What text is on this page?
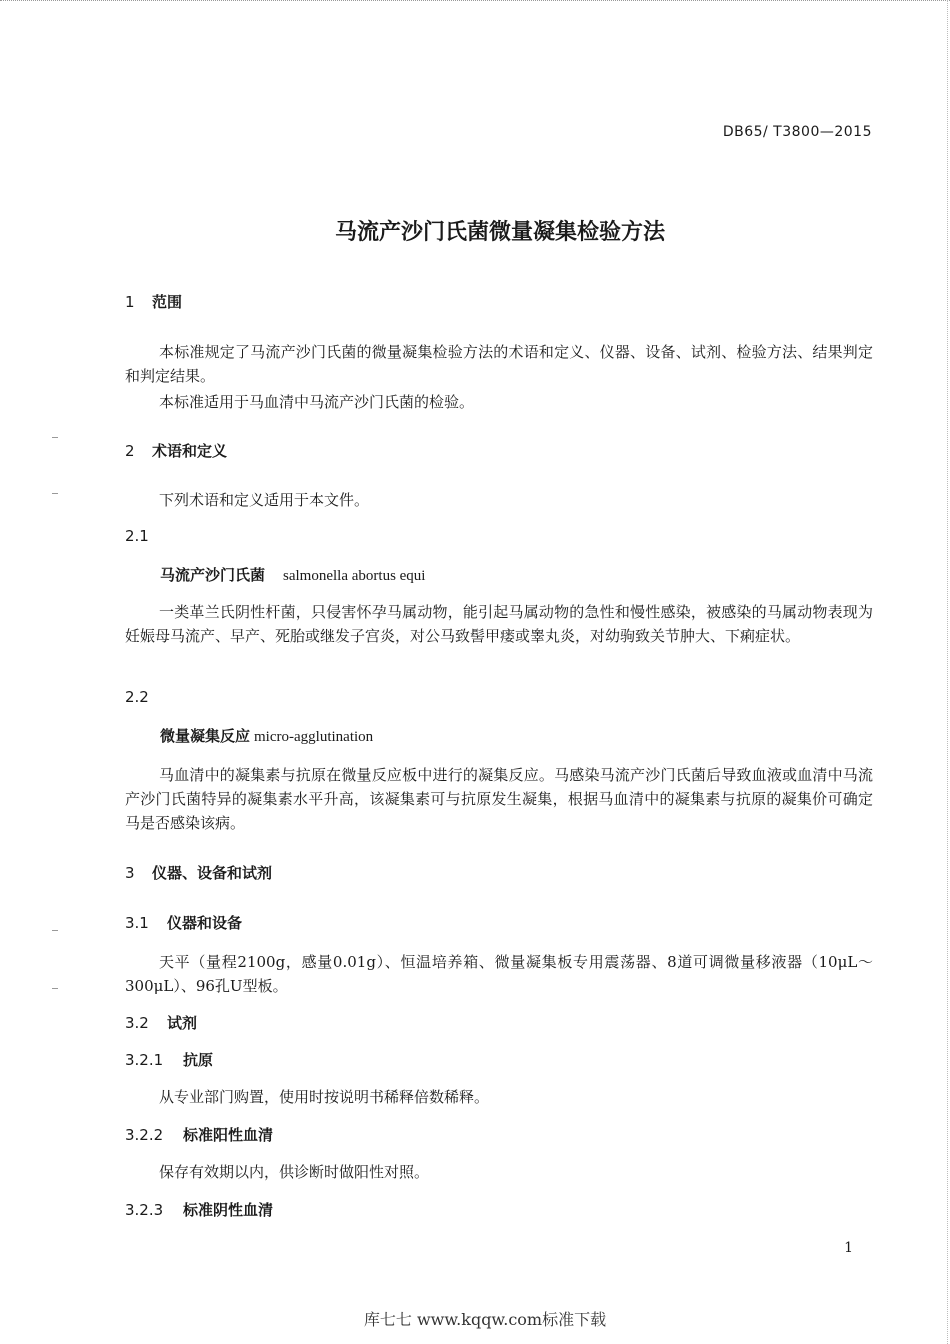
DB65/ T3800—2015
马流产沙门氏菌微量凝集检验方法
1 范围
本标准规定了马流产沙门氏菌的微量凝集检验方法的术语和定义、仪器、设备、试剂、检验方法、结果判定和判定结果。
本标准适用于马血清中马流产沙门氏菌的检验。
2 术语和定义
下列术语和定义适用于本文件。
2.1
马流产沙门氏菌 salmonella abortus equi
一类革兰氏阴性杆菌，只侵害怀孕马属动物，能引起马属动物的急性和慢性感染，被感染的马属动物表现为妊娠母马流产、早产、死胎或继发子宫炎，对公马致髻甲瘘或睾丸炎，对幼驹致关节肿大、下痢症状。
2.2
微量凝集反应 micro-agglutination
马血清中的凝集素与抗原在微量反应板中进行的凝集反应。马感染马流产沙门氏菌后导致血液或血清中马流产沙门氏菌特异的凝集素水平升高，该凝集素可与抗原发生凝集，根据马血清中的凝集素与抗原的凝集价可确定马是否感染该病。
3 仪器、设备和试剂
3.1 仪器和设备
天平（量程2100g，感量0.01g）、恒温培养箱、微量凝集板专用震荡器、8道可调微量移液器（10μL～300μL）、96孔U型板。
3.2 试剂
3.2.1 抗原
从专业部门购置，使用时按说明书稀释倍数稀释。
3.2.2 标准阳性血清
保存有效期以内，供诊断时做阳性对照。
3.2.3 标准阴性血清
1
库七七 www.kqqw.com标准下载
